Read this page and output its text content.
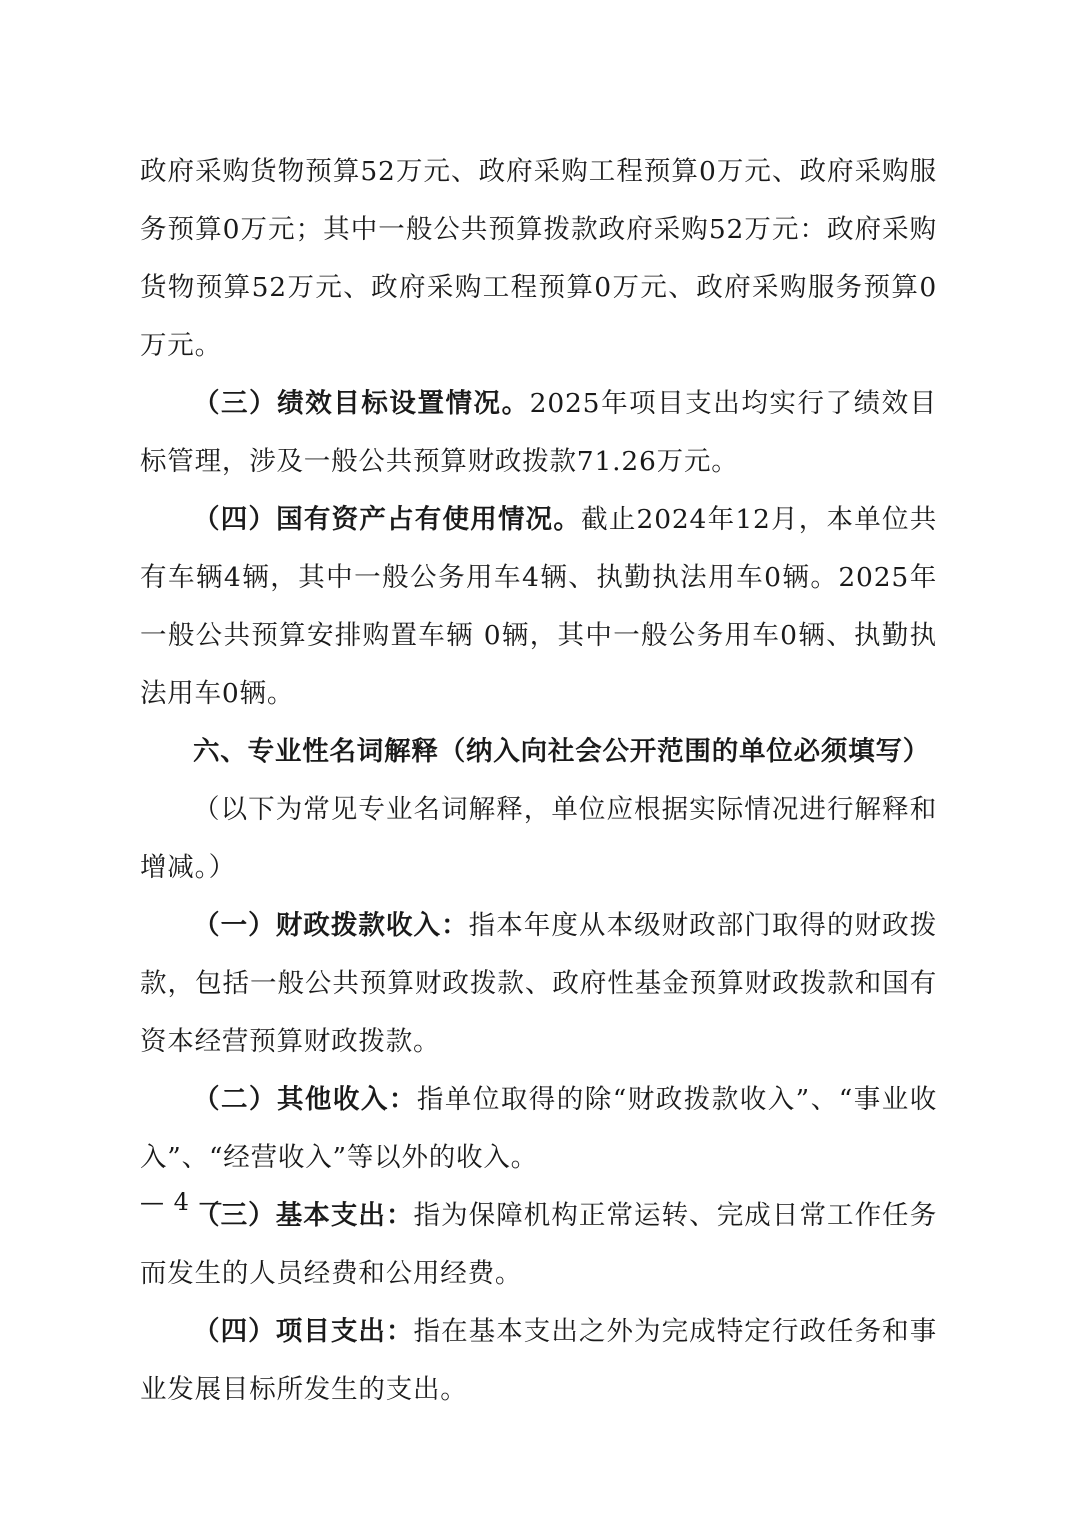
政府采购货物预算52万元、政府采购工程预算0万元、政府采购服务预算0万元；其中一般公共预算拨款政府采购52万元：政府采购货物预算52万元、政府采购工程预算0万元、政府采购服务预算0万元。

（三）绩效目标设置情况。2025年项目支出均实行了绩效目标管理，涉及一般公共预算财政拨款71.26万元。

（四）国有资产占有使用情况。截止2024年12月，本单位共有车辆4辆，其中一般公务用车4辆、执勤执法用车0辆。2025年一般公共预算安排购置车辆 0辆，其中一般公务用车0辆、执勤执法用车0辆。

六、专业性名词解释（纳入向社会公开范围的单位必须填写）

（以下为常见专业名词解释，单位应根据实际情况进行解释和增减。）

（一）财政拨款收入：指本年度从本级财政部门取得的财政拨款，包括一般公共预算财政拨款、政府性基金预算财政拨款和国有资本经营预算财政拨款。

（二）其他收入：指单位取得的除“财政拨款收入”、“事业收入”、“经营收入”等以外的收入。

（三）基本支出：指为保障机构正常运转、完成日常工作任务而发生的人员经费和公用经费。

（四）项目支出：指在基本支出之外为完成特定行政任务和事业发展目标所发生的支出。

— 4 —
